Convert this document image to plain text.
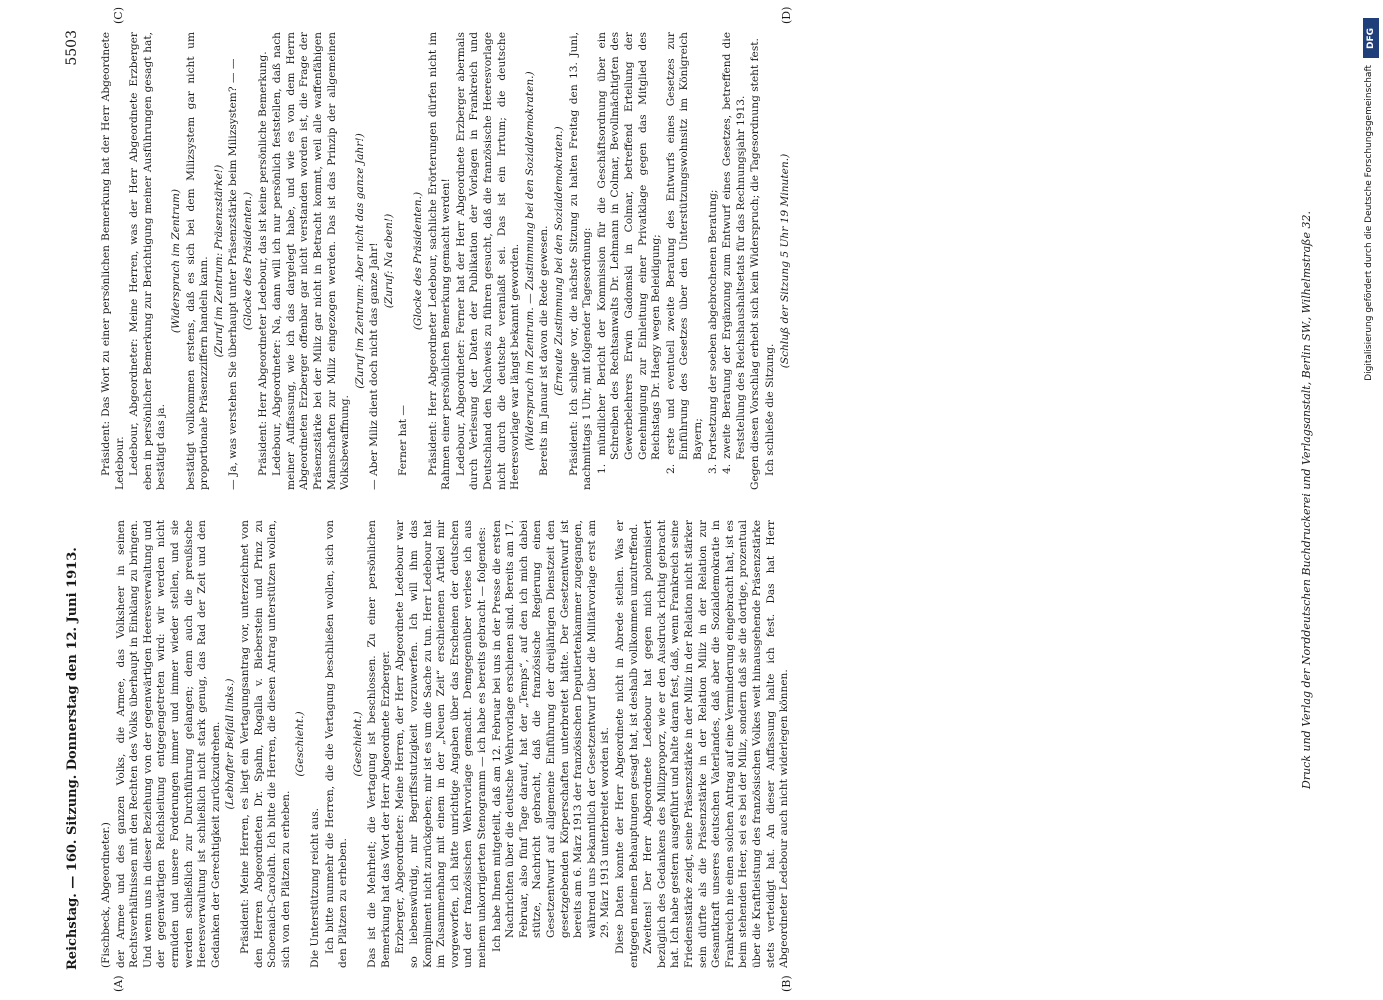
Reichstag. — 160. Sitzung. Donnerstag den 12. Juni 1913.
5503
(A)	(B)
(C)	(D)

(Fischbeck, Abgeordneter.) der Armee und des ganzen Volks, die Armee, das Volksheer in seinen Rechtsverhältnissen mit den Rechten des Volks überhaupt in Einklang zu bringen. Und wenn uns in dieser Beziehung von der gegenwärtigen Heeresverwaltung und der gegenwärtigen Reichsleitung entgegengetreten wird: wir werden nicht ermüden und unsere Forderungen immer und immer wieder stellen, und sie werden schließlich zur Durchführung gelangen; denn auch die preußische Heeresverwaltung ist schließlich nicht stark genug, das Rad der Zeit und den Gedanken der Gerechtigkeit zurückzudrehen. (Lebhafter Beifall links.) Präsident: Meine Herren, es liegt ein Vertagungsantrag vor, unterzeichnet von den Herren Abgeordneten Dr. Spahn, Rogalla v. Bieberstein und Prinz zu Schoenaich-Carolath. Ich bitte die Herren, die diesen Antrag unterstützen wollen, sich von den Plätzen zu erheben.

(Geschieht.)

Die Unterstützung reicht aus. Ich bitte nunmehr die Herren, die die Vertagung beschließen wollen, sich von den Plätzen zu erheben.

(Geschieht.) Das ist die Mehrheit; die Vertagung ist beschlossen. Zu einer persönlichen Bemerkung hat das Wort der Herr Abgeordnete Erzberger. Erzberger, Abgeordneter: Meine Herren, der Herr Abgeordnete Ledebour war so liebenswürdig, mir Begriffsstutzigkeit vorzuwerfen. Ich will ihm das Kompliment nicht zurückgeben; mir ist es um die Sache zu tun. Herr Ledebour hat im Zusammenhang mit einem in der „Neuen Zeit“ erschienenen Artikel mir vorgeworfen, ich hätte unrichtige Angaben über das Erscheinen der deutschen und der französischen Wehrvorlage gemacht. Demgegenüber verlese ich aus meinem unkorrigierten Stenogramm — ich habe es bereits gebracht — folgendes: Ich habe Ihnen mitgeteilt, daß am 12. Februar bei uns in der Presse die ersten Nachrichten über die deutsche Wehrvorlage erschienen sind. Bereits am 17. Februar, also fünf Tage darauf, hat der „Temps“, auf den ich mich dabei stütze, Nachricht gebracht, daß die französische Regierung einen Gesetzentwurf auf allgemeine Einführung der dreijährigen Dienstzeit den gesetzgebenden Körperschaften unterbreitet hätte. Der Gesetzentwurf ist bereits am 6. März 1913 der französischen Deputiertenkammer zugegangen, während uns bekanntlich der Gesetzentwurf über die Militärvorlage erst am 29. März 1913 unterbreitet worden ist. Diese Daten konnte der Herr Abgeordnete nicht in Abrede stellen. Was er entgegen meinen Behauptungen gesagt hat, ist deshalb vollkommen unzutreffend. Zweitens! Der Herr Abgeordnete Ledebour hat gegen mich polemisiert bezüglich des Gedankens des Milizproporz, wie er den Ausdruck richtig gebracht hat. Ich habe gestern ausgeführt und halte daran fest, daß, wenn Frankreich seine Friedensstärke zeigt, seine Präsenzstärke in der Miliz in der Relation nicht stärker sein dürfte als die Präsenzstärke in der Relation Miliz in der Relation zur Gesamtkraft unseres deutschen Vaterlandes, daß aber die Sozialdemokratie in Frankreich nie einen solchen Antrag auf eine Verminderung eingebracht hat, ist es beim stehenden Heer, sei es bei der Miliz, sondern daß sie die dortige, prozentual über die Kraftleistung des französischen Volkes weit hinausgehende Präsenzstärke stets verteidigt hat. An dieser Auffassung halte ich fest. Das hat Herr Abgeordneter Ledebour auch nicht widerlegen können.

Präsident: Das Wort zu einer persönlichen Bemerkung hat der Herr Abgeordnete Ledebour. Ledebour, Abgeordneter: Meine Herren, was der Herr Abgeordnete Erzberger eben in persönlicher Bemerkung zur Berichtigung meiner Ausführungen gesagt hat, bestätigt das ja.

(Widerspruch im Zentrum) bestätigt vollkommen erstens, daß es sich bei dem Milizsystem gar nicht um proportionale Präsenzziffern handeln kann. (Zuruf im Zentrum: Präsenzstärke!) — Ja, was verstehen Sie überhaupt unter Präsenzstärke beim Milizsystem? — — (Glocke des Präsidenten.) Präsident: Herr Abgeordneter Ledebour, das ist keine persönliche Bemerkung. Ledebour, Abgeordneter: Na, dann will ich nur persönlich feststellen, daß nach meiner Auffassung, wie ich das dargelegt habe, und wie es von dem Herrn Abgeordneten Erzberger offenbar gar nicht verstanden worden ist, die Frage der Präsenzstärke bei der Miliz gar nicht in Betracht kommt, weil alle waffenfähigen Mannschaften zur Miliz eingezogen werden. Das ist das Prinzip der allgemeinen Volksbewaffnung.

(Zuruf im Zentrum: Aber nicht das ganze Jahr!) — Aber Miliz dient doch nicht das ganze Jahr! (Zuruf: Na eben!)

Ferner hat —

(Glocke des Präsidenten.) Präsident: Herr Abgeordneter Ledebour, sachliche Erörterungen dürfen nicht im Rahmen einer persönlichen Bemerkung gemacht werden! Ledebour, Abgeordneter: Ferner hat der Herr Abgeordnete Erzberger abermals durch Verlesung der Daten der Publikation der Vorlagen in Frankreich und Deutschland den Nachweis zu führen gesucht, daß die französische Heeresvorlage nicht durch die deutsche veranlaßt sei. Das ist ein Irrtum; die deutsche Heeresvorlage war längst bekannt geworden. (Widerspruch im Zentrum. — Zustimmung bei den Sozialdemokraten.) Bereits im Januar ist davon die Rede gewesen. (Erneute Zustimmung bei den Sozialdemokraten.) Präsident: Ich schlage vor, die nächste Sitzung zu halten Freitag den 13. Juni, nachmittags 1 Uhr, mit folgender Tagesordnung: 1. mündlicher Bericht der Kommission für die Geschäftsordnung über ein Schreiben des Rechtsanwalts Dr. Lehmann in Colmar, Bevollmächtigten des Gewerbelehrers Erwin Gadomski in Colmar, betreffend Erteilung der Genehmigung zur Einleitung einer Privatklage gegen das Mitglied des Reichstags Dr. Haegy wegen Beleidigung; 2. erste und eventuell zweite Beratung des Entwurfs eines Gesetzes zur Einführung des Gesetzes über den Unterstützungswohnsitz im Königreich Bayern; 3. Fortsetzung der soeben abgebrochenen Beratung; 4. zweite Beratung der Ergänzung zum Entwurf eines Gesetzes, betreffend die Feststellung des Reichshaushaltsetats für das Rechnungsjahr 1913. Gegen diesen Vorschlag erhebt sich kein Widerspruch; die Tagesordnung steht fest. Ich schließe die Sitzung.

(Schluß der Sitzung 5 Uhr 19 Minuten.)	Druck und Verlag der Norddeutschen Buchdruckerei und Verlagsanstalt, Berlin SW., Wilhelmstraße 32.
DFG
Digitalisierung gefördert durch die Deutsche Forschungsgemeinschaft
